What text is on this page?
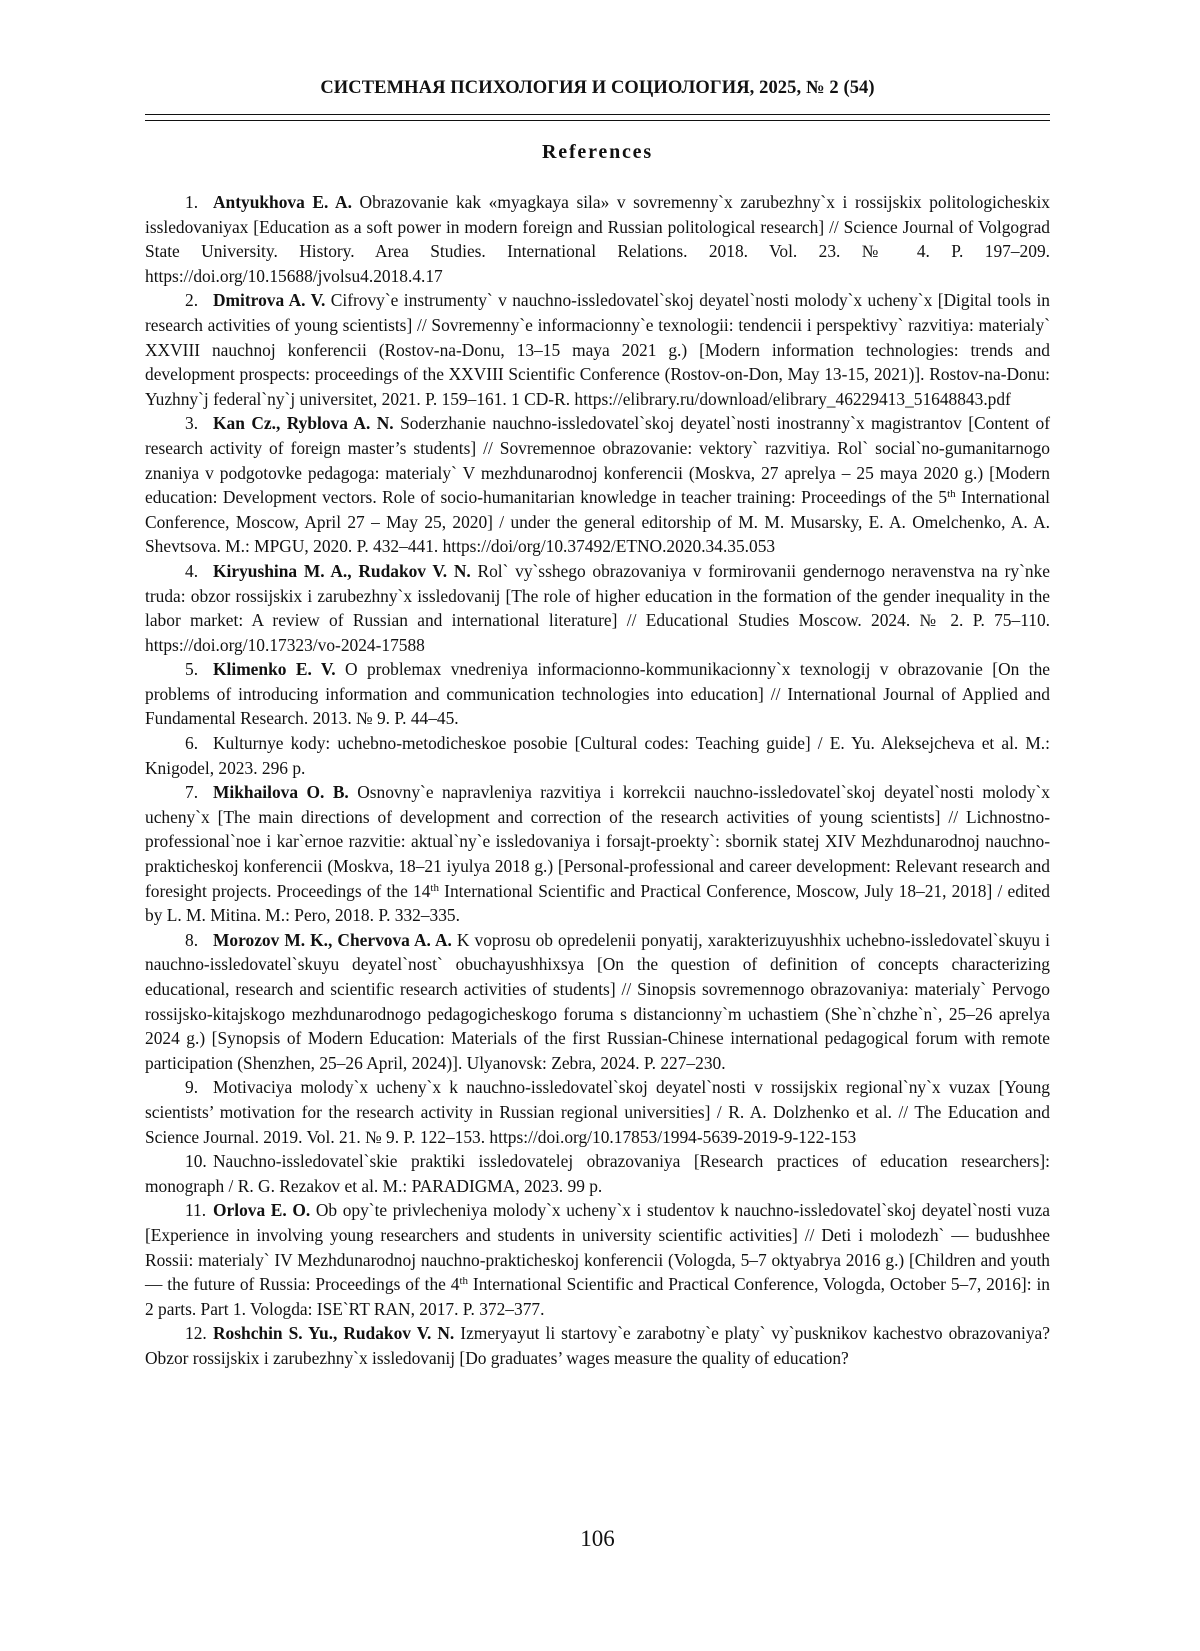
СИСТЕМНАЯ ПСИХОЛОГИЯ И СОЦИОЛОГИЯ, 2025, № 2 (54)
References

1. Antyukhova E. A. Obrazovanie kak «myagkaya sila» v sovremenny`x zarubezhny`x i rossijskix politologicheskix issledovaniyax [Education as a soft power in modern foreign and Russian politological research] // Science Journal of Volgograd State University. History. Area Studies. International Relations. 2018. Vol. 23. № 4. P. 197–209. https://doi.org/10.15688/jvolsu4.2018.4.17

2. Dmitrova A. V. Cifrovy`e instrumenty` v nauchno-issledovatel`skoj deyatel`nosti molody`x ucheny`x [Digital tools in research activities of young scientists] // Sovremenny`e informacionny`e texnologii: tendencii i perspektivy` razvitiya: materialy` XXVIII nauchnoj konferencii (Rostov-na-Donu, 13–15 maya 2021 g.) [Modern information technologies: trends and development prospects: proceedings of the XXVIII Scientific Conference (Rostov-on-Don, May 13-15, 2021)]. Rostov-na-Donu: Yuzhny`j federal`ny`j universitet, 2021. P. 159–161. 1 CD-R. https://elibrary.ru/download/elibrary_46229413_51648843.pdf

3. Kan Cz., Ryblova A. N. Soderzhanie nauchno-issledovatel`skoj deyatel`nosti inostranny`x magistrantov [Content of research activity of foreign master’s students] // Sovremennoe obrazovanie: vektory` razvitiya. Rol` social`no-gumanitarnogo znaniya v podgotovke pedagoga: materialy` V mezhdunarodnoj konferencii (Moskva, 27 aprelya – 25 maya 2020 g.) [Modern education: Development vectors. Role of socio-humanitarian knowledge in teacher training: Proceedings of the 5th International Conference, Moscow, April 27 – May 25, 2020] / under the general editorship of M. M. Musarsky, E. A. Omelchenko, A. A. Shevtsova. M.: MPGU, 2020. P. 432–441. https://doi/org/10.37492/ETNO.2020.34.35.053

4. Kiryushina M. A., Rudakov V. N. Rol` vy`sshego obrazovaniya v formirovanii gendernogo neravenstva na ry`nke truda: obzor rossijskix i zarubezhny`x issledovanij [The role of higher education in the formation of the gender inequality in the labor market: A review of Russian and international literature] // Educational Studies Moscow. 2024. № 2. P. 75–110. https://doi.org/10.17323/vo-2024-17588

5. Klimenko E. V. O problemax vnedreniya informacionno-kommunikacionny`x texnologij v obrazovanie [On the problems of introducing information and communication technologies into education] // International Journal of Applied and Fundamental Research. 2013. № 9. P. 44–45.

6. Kulturnye kody: uchebno-metodicheskoe posobie [Cultural codes: Teaching guide] / E. Yu. Aleksej­cheva et al. M.: Knigodel, 2023. 296 p.

7. Mikhailova O. B. Osnovny`e napravleniya razvitiya i korrekcii nauchno-issledovatel`skoj deyatel`nosti molody`x ucheny`x [The main directions of development and correction of the research activities of young scientists] // Lichnostno-professional`noe i kar`ernoe razvitie: aktual`ny`e issledovaniya i forsajt-proekty`: sbornik statej XIV Mezhdunarodnoj nauchno-prakticheskoj konferencii (Moskva, 18–21 iyulya 2018 g.) [Personal-professional and career development: Relevant research and foresight projects. Proceedings of the 14th International Scientific and Practical Conference, Moscow, July 18–21, 2018] / edited by L. M. Mitina. M.: Pero, 2018. P. 332–335.

8. Morozov M. K., Chervova A. A. K voprosu ob opredelenii ponyatij, xarakterizuyushhix uchebno-issledovatel`skuyu i nauchno-issledovatel`skuyu deyatel`nost` obuchayushhixsya [On the question of definition of concepts characterizing educational, research and scientific research activities of students] // Sinopsis sovremennogo obrazovaniya: materialy` Pervogo rossijsko-kitajskogo mezhdunarodnogo pedagogicheskogo foruma s distancionny`m uchastiem (She`n`chzhe`n`, 25–26 aprelya 2024 g.) [Synopsis of Modern Education: Materials of the first Russian-Chinese international pedagogical forum with remote participation (Shenzhen, 25–26 April, 2024)]. Ulyanovsk: Zebra, 2024. P. 227–230.

9. Motivaciya molody`x ucheny`x k nauchno-issledovatel`skoj deyatel`nosti v rossijskix regional`ny`x vuzax [Young scientists’ motivation for the research activity in Russian regional universities] / R. A. Dolzhenko et al. // The Education and Science Journal. 2019. Vol. 21. № 9. P. 122–153. https://doi.org/10.17853/1994-5639-2019-9-122-153

10. Nauchno-issledovatel`skie praktiki issledovatelej obrazovaniya [Research practices of education researchers]: monograph / R. G. Rezakov et al. M.: PARADIGMA, 2023. 99 p.

11. Orlova E. O. Ob opy`te privlecheniya molody`x ucheny`x i studentov k nauchno-issledovatel`skoj deyatel`nosti vuza [Experience in involving young researchers and students in university scientific activities] // Deti i molodezh` — budushhee Rossii: materialy` IV Mezhdunarodnoj nauchno-prakticheskoj konferencii (Vologda, 5–7 oktyabrya 2016 g.) [Children and youth — the future of Russia: Proceedings of the 4th International Scientific and Practical Conference, Vologda, October 5–7, 2016]: in 2 parts. Part 1. Vologda: ISE`RT RAN, 2017. P. 372–377.

12. Roshchin S. Yu., Rudakov V. N. Izmeryayut li startovy`e zarabotny`e platy` vy`pusknikov kachestvo obrazovaniya? Obzor rossijskix i zarubezhny`x issledovanij [Do graduates’ wages measure the quality of education?

106
